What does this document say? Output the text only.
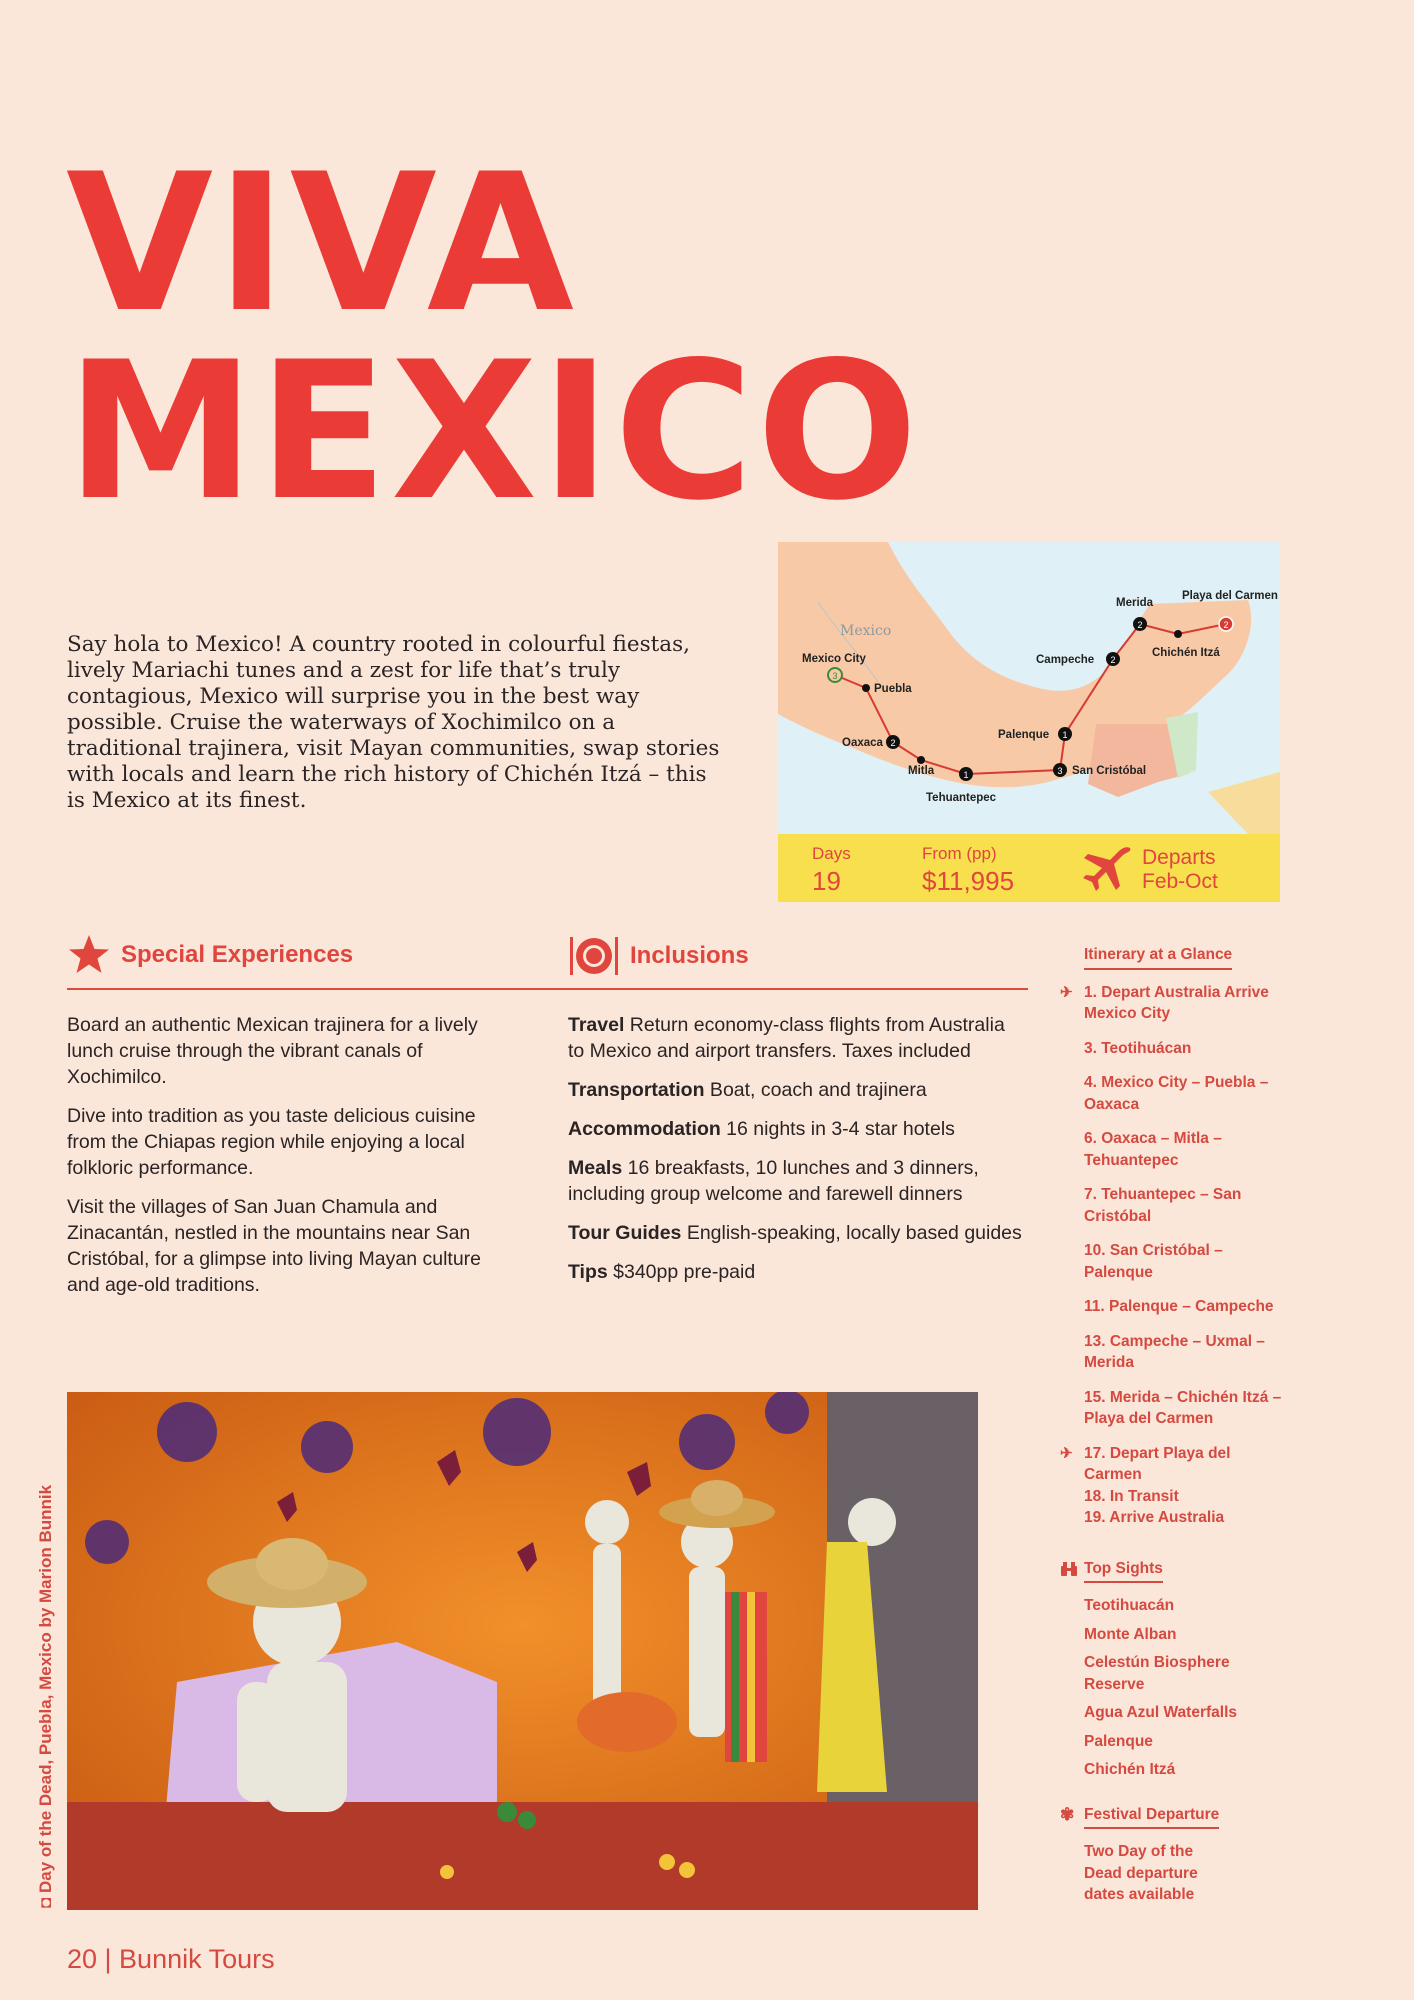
VIVA
MEXICO

Say hola to Mexico! A country rooted in colourful fiestas, lively Mariachi tunes and a zest for life that’s truly contagious, Mexico will surprise you in the best way possible. Cruise the waterways of Xochimilco on a traditional trajinera, visit Mayan communities, swap stories with locals and learn the rich history of Chichén Itzá – this is Mexico at its finest.

3
2
1	3
1
2
2	2
Mexico
Mexico City
Puebla
Oaxaca
Mitla
Tehuantepec
San Cristóbal
Palenque
Campeche
Merida
Chichén Itzá
Playa del Carmen
Days
19
From (pp)
$11,995
Departs
Feb-Oct
Special Experiences	Inclusions

Board an authentic Mexican trajinera for a lively lunch cruise through the vibrant canals of Xochimilco.

Dive into tradition as you taste delicious cuisine from the Chiapas region while enjoying a local folkloric performance.

Visit the villages of San Juan Chamula and Zinacantán, nestled in the mountains near San Cristóbal, for a glimpse into living Mayan culture and age-old traditions.

Travel Return economy-class flights from Australia to Mexico and airport transfers. Taxes included

Transportation Boat, coach and trajinera

Accommodation 16 nights in 3-4 star hotels

Meals 16 breakfasts, 10 lunches and 3 dinners, including group welcome and farewell dinners

Tour Guides English-speaking, locally based guides

Tips $340pp pre-paid

Itinerary at a Glance
✈ 1. Depart Australia Arrive Mexico City
3. Teotihuácan
4. Mexico City – Puebla – Oaxaca
6. Oaxaca – Mitla – Tehuantepec
7. Tehuantepec – San Cristóbal
10. San Cristóbal – Palenque
11. Palenque – Campeche
13. Campeche – Uxmal – Merida
15. Merida – Chichén Itzá – Playa del Carmen
✈ 17. Depart Playa del Carmen
18. In Transit
19. Arrive Australia
Top Sights
Teotihuacán
Monte Alban
Celestún Biosphere Reserve
Agua Azul Waterfalls
Palenque
Chichén Itzá
✾ Festival Departure
Two Day of the Dead departure dates available
◘ Day of the Dead, Puebla, Mexico by Marion Bunnik
20 | Bunnik Tours
